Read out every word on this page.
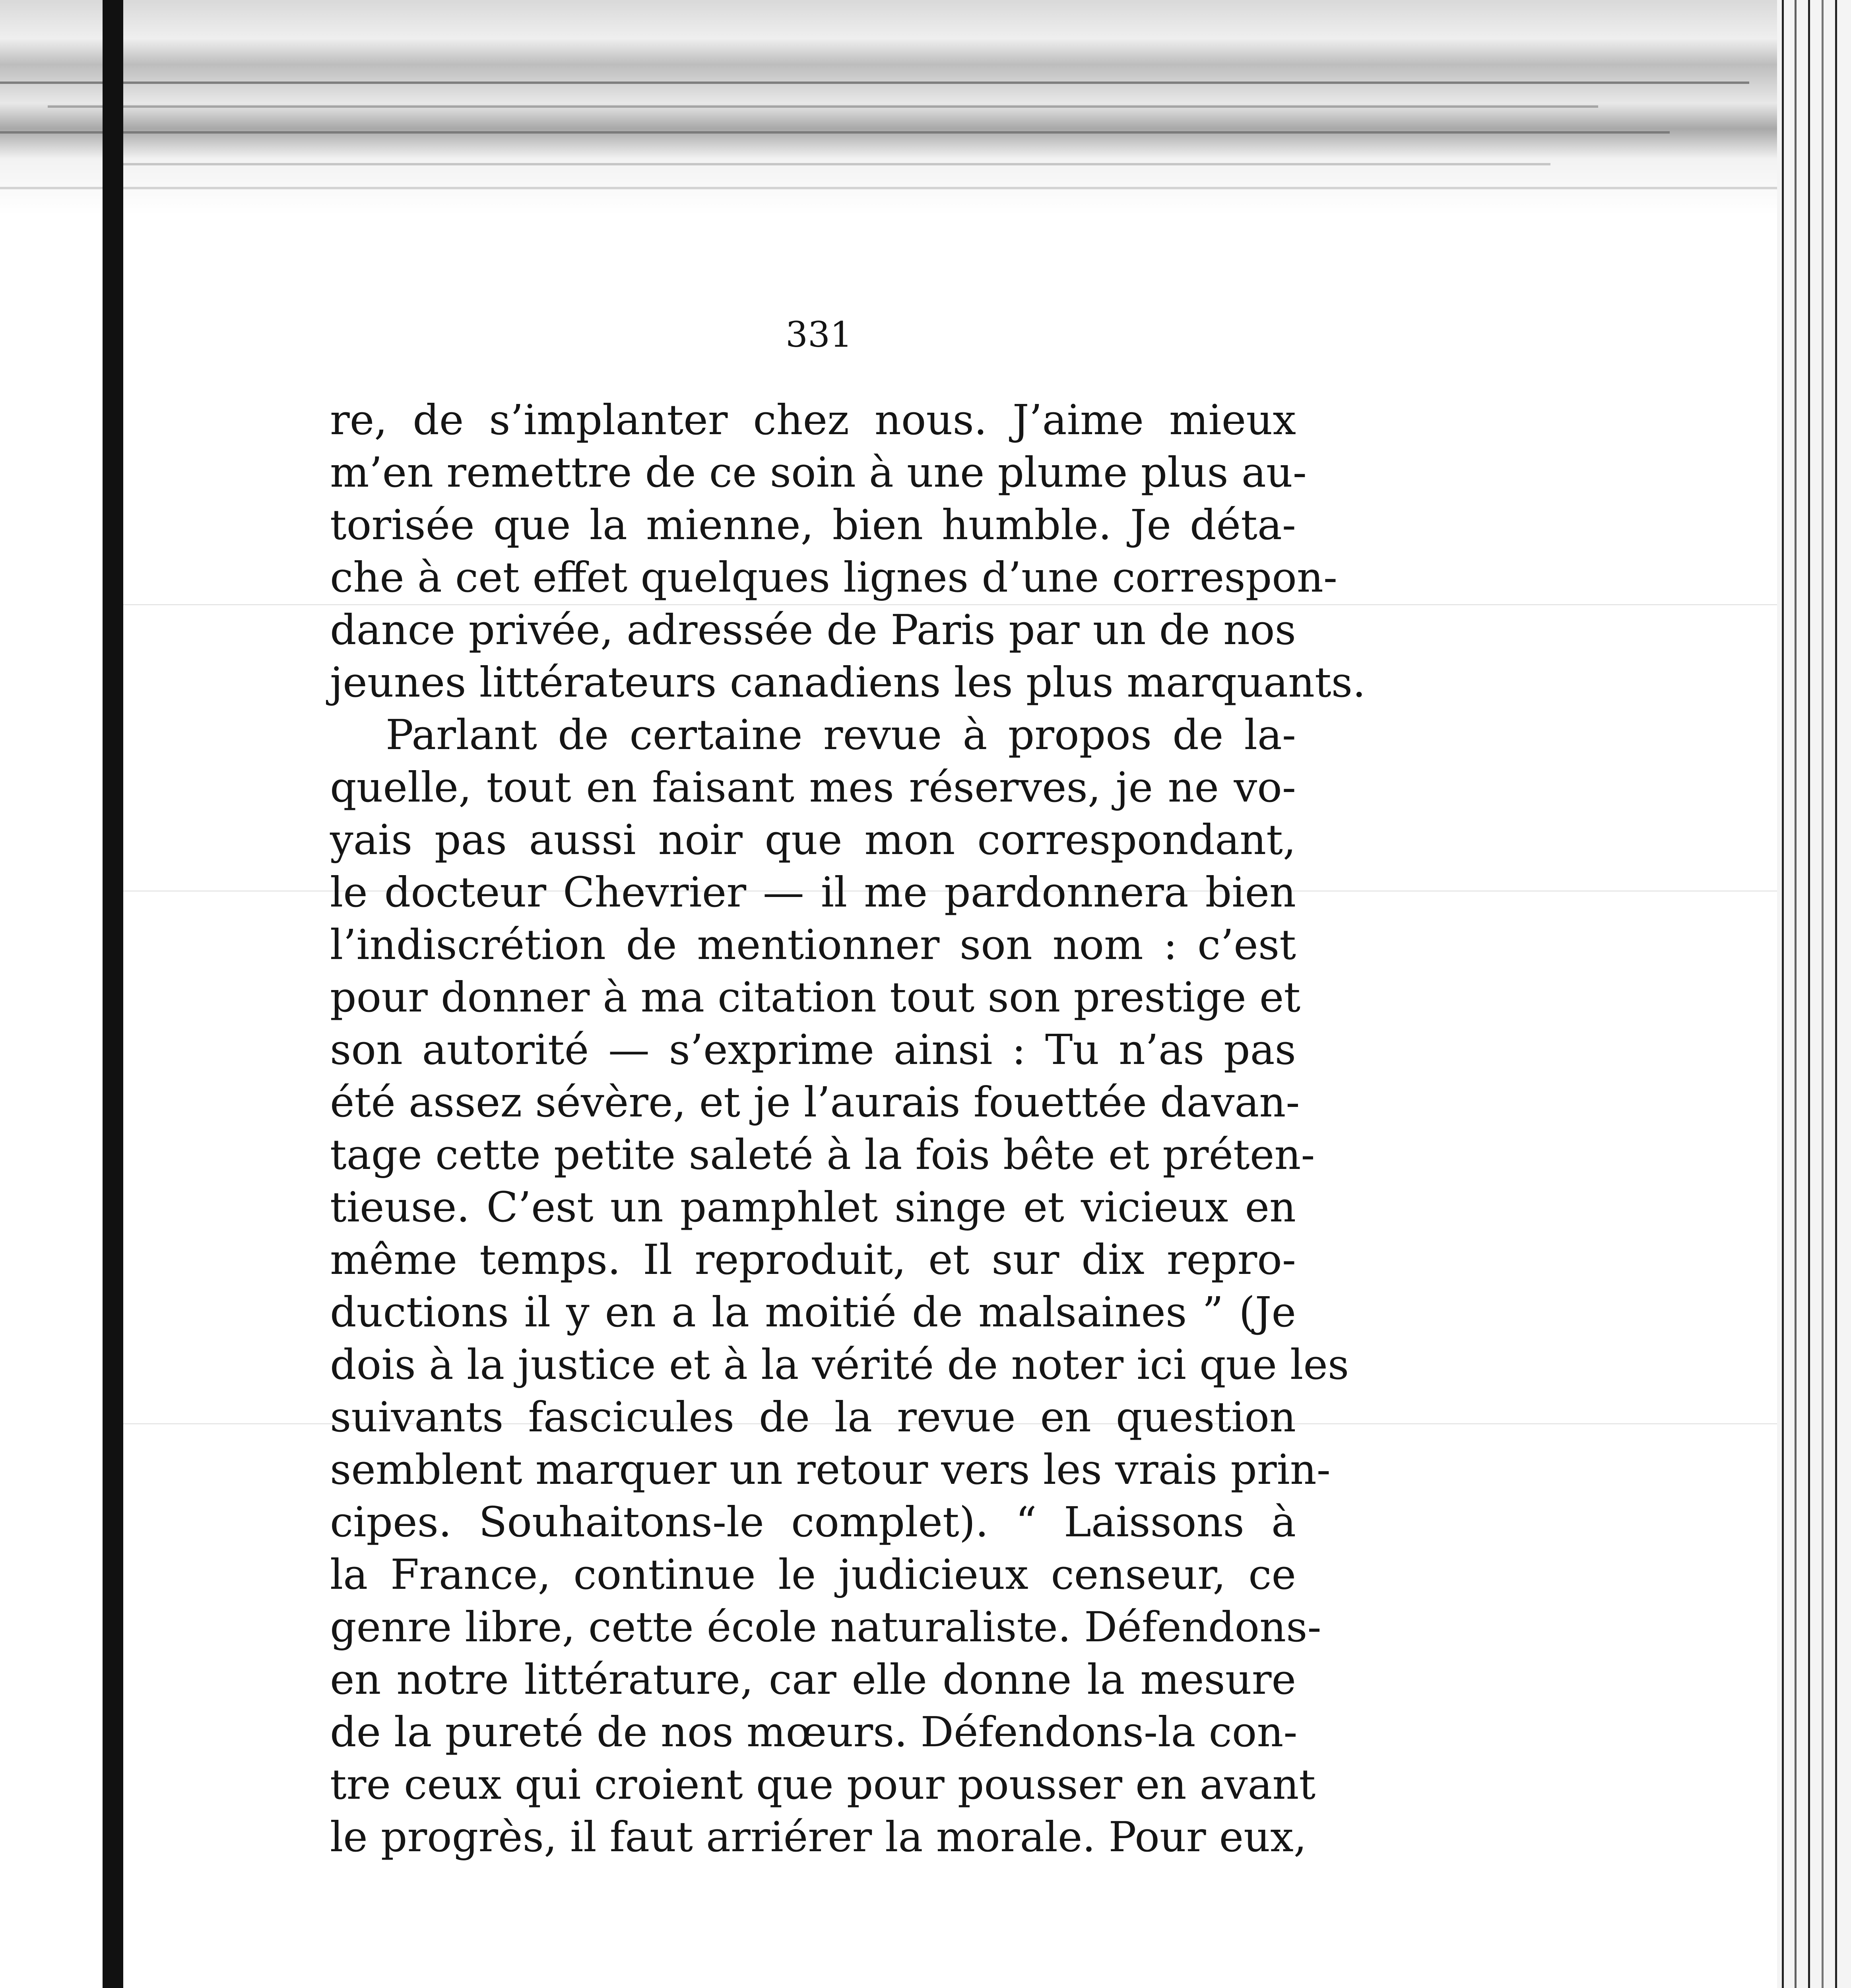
331
re, de s’implanter chez nous. J’aime mieux
m’en remettre de ce soin à une plume plus au-
torisée que la mienne, bien humble. Je déta-
che à cet effet quelques lignes d’une correspon-
dance privée, adressée de Paris par un de nos
jeunes littérateurs canadiens les plus marquants.
Parlant de certaine revue à propos de la-
quelle, tout en faisant mes réserves, je ne vo-
yais pas aussi noir que mon correspondant,
le docteur Chevrier — il me pardonnera bien
l’indiscrétion de mentionner son nom : c’est
pour donner à ma citation tout son prestige et
son autorité — s’exprime ainsi : Tu n’as pas
été assez sévère, et je l’aurais fouettée davan-
tage cette petite saleté à la fois bête et préten-
tieuse. C’est un pamphlet singe et vicieux en
même temps. Il reproduit, et sur dix repro-
ductions il y en a la moitié de malsaines ” (Je
dois à la justice et à la vérité de noter ici que les
suivants fascicules de la revue en question
semblent marquer un retour vers les vrais prin-
cipes. Souhaitons-le complet). “ Laissons à
la France, continue le judicieux censeur, ce
genre libre, cette école naturaliste. Défendons-
en notre littérature, car elle donne la mesure
de la pureté de nos mœurs. Défendons-la con-
tre ceux qui croient que pour pousser en avant
le progrès, il faut arriérer la morale. Pour eux,
